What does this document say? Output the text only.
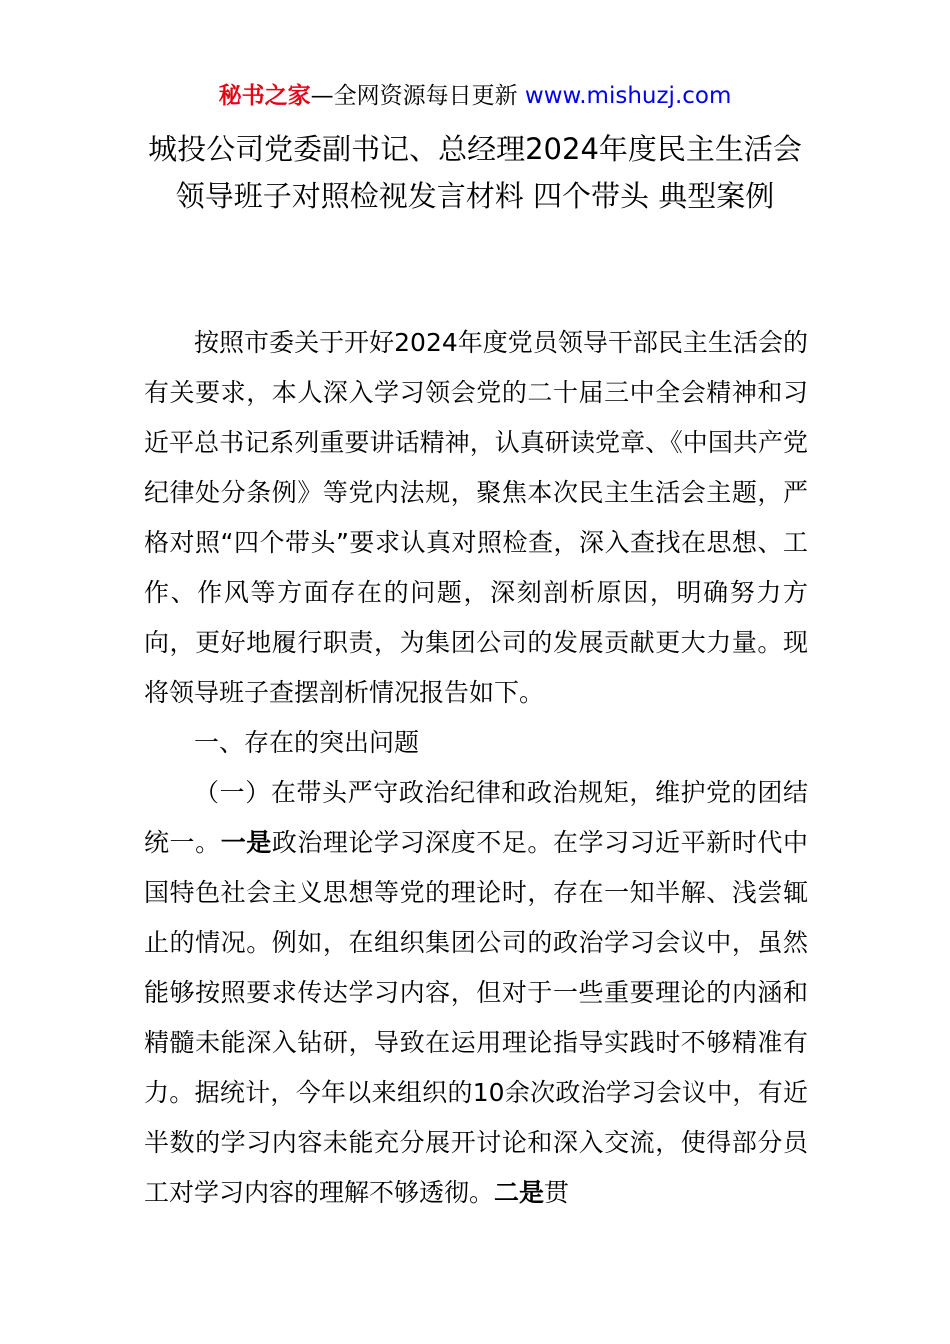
秘书之家—全网资源每日更新 www.mishuzj.com
城投公司党委副书记、总经理2024年度民主生活会领导班子对照检视发言材料 四个带头 典型案例

按照市委关于开好2024年度党员领导干部民主生活会的有关要求，本人深入学习领会党的二十届三中全会精神和习近平总书记系列重要讲话精神，认真研读党章、《中国共产党纪律处分条例》等党内法规，聚焦本次民主生活会主题，严格对照“四个带头”要求认真对照检查，深入查找在思想、工作、作风等方面存在的问题，深刻剖析原因，明确努力方向，更好地履行职责，为集团公司的发展贡献更大力量。现将领导班子查摆剖析情况报告如下。

一、存在的突出问题

（一）在带头严守政治纪律和政治规矩，维护党的团结统一。一是政治理论学习深度不足。在学习习近平新时代中国特色社会主义思想等党的理论时，存在一知半解、浅尝辄止的情况。例如，在组织集团公司的政治学习会议中，虽然能够按照要求传达学习内容，但对于一些重要理论的内涵和精髓未能深入钻研，导致在运用理论指导实践时不够精准有力。据统计，今年以来组织的10余次政治学习会议中，有近半数的学习内容未能充分展开讨论和深入交流，使得部分员工对学习内容的理解不够透彻。二是贯
